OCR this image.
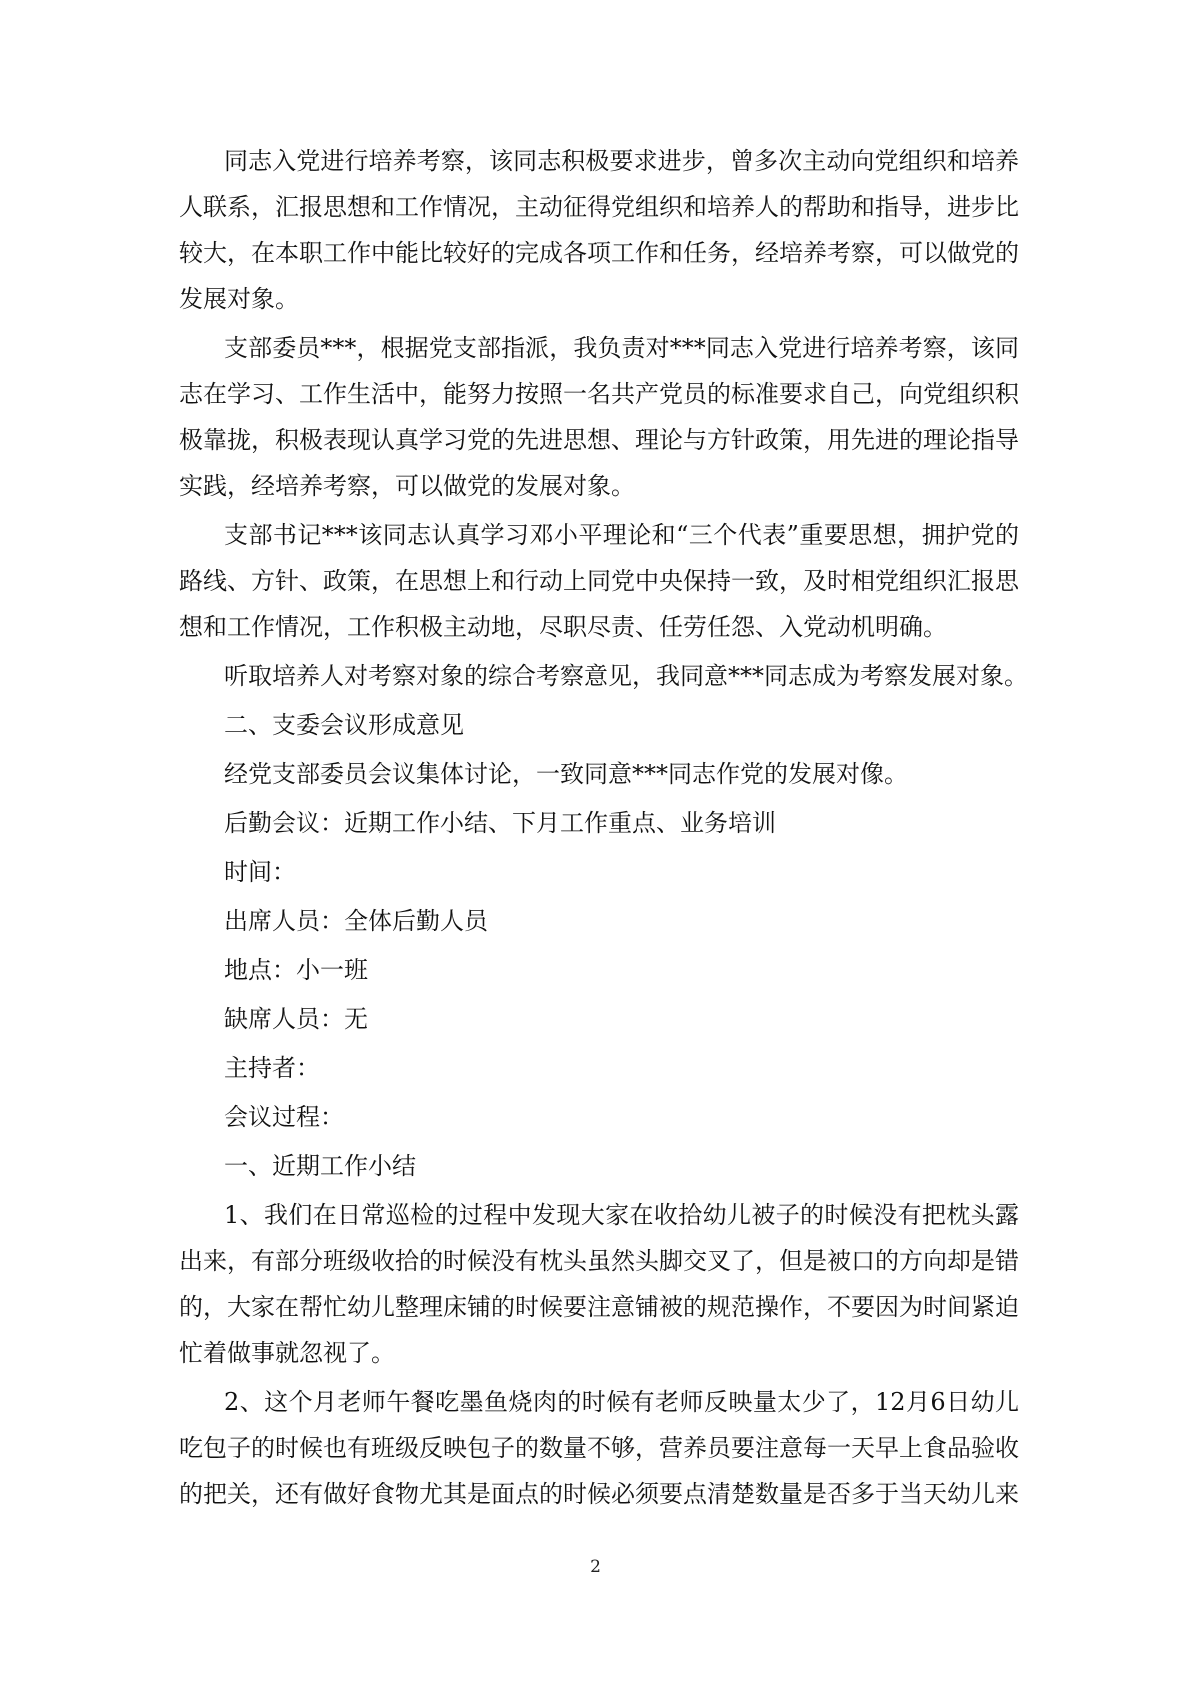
同志入党进行培养考察，该同志积极要求进步，曾多次主动向党组织和培养人联系，汇报思想和工作情况，主动征得党组织和培养人的帮助和指导，进步比较大，在本职工作中能比较好的完成各项工作和任务，经培养考察，可以做党的发展对象。

支部委员***，根据党支部指派，我负责对***同志入党进行培养考察，该同志在学习、工作生活中，能努力按照一名共产党员的标准要求自己，向党组织积极靠拢，积极表现认真学习党的先进思想、理论与方针政策，用先进的理论指导实践，经培养考察，可以做党的发展对象。

支部书记***该同志认真学习邓小平理论和“三个代表”重要思想，拥护党的路线、方针、政策，在思想上和行动上同党中央保持一致，及时相党组织汇报思想和工作情况，工作积极主动地，尽职尽责、任劳任怨、入党动机明确。

听取培养人对考察对象的综合考察意见，我同意***同志成为考察发展对象。

二、支委会议形成意见

经党支部委员会议集体讨论，一致同意***同志作党的发展对像。

后勤会议：近期工作小结、下月工作重点、业务培训

时间：

出席人员：全体后勤人员

地点：小一班

缺席人员：无

主持者：

会议过程：

一、近期工作小结

1、我们在日常巡检的过程中发现大家在收拾幼儿被子的时候没有把枕头露出来，有部分班级收拾的时候没有枕头虽然头脚交叉了，但是被口的方向却是错的，大家在帮忙幼儿整理床铺的时候要注意铺被的规范操作，不要因为时间紧迫忙着做事就忽视了。

2、这个月老师午餐吃墨鱼烧肉的时候有老师反映量太少了，12月6日幼儿吃包子的时候也有班级反映包子的数量不够，营养员要注意每一天早上食品验收的把关，还有做好食物尤其是面点的时候必须要点清楚数量是否多于当天幼儿来

2
